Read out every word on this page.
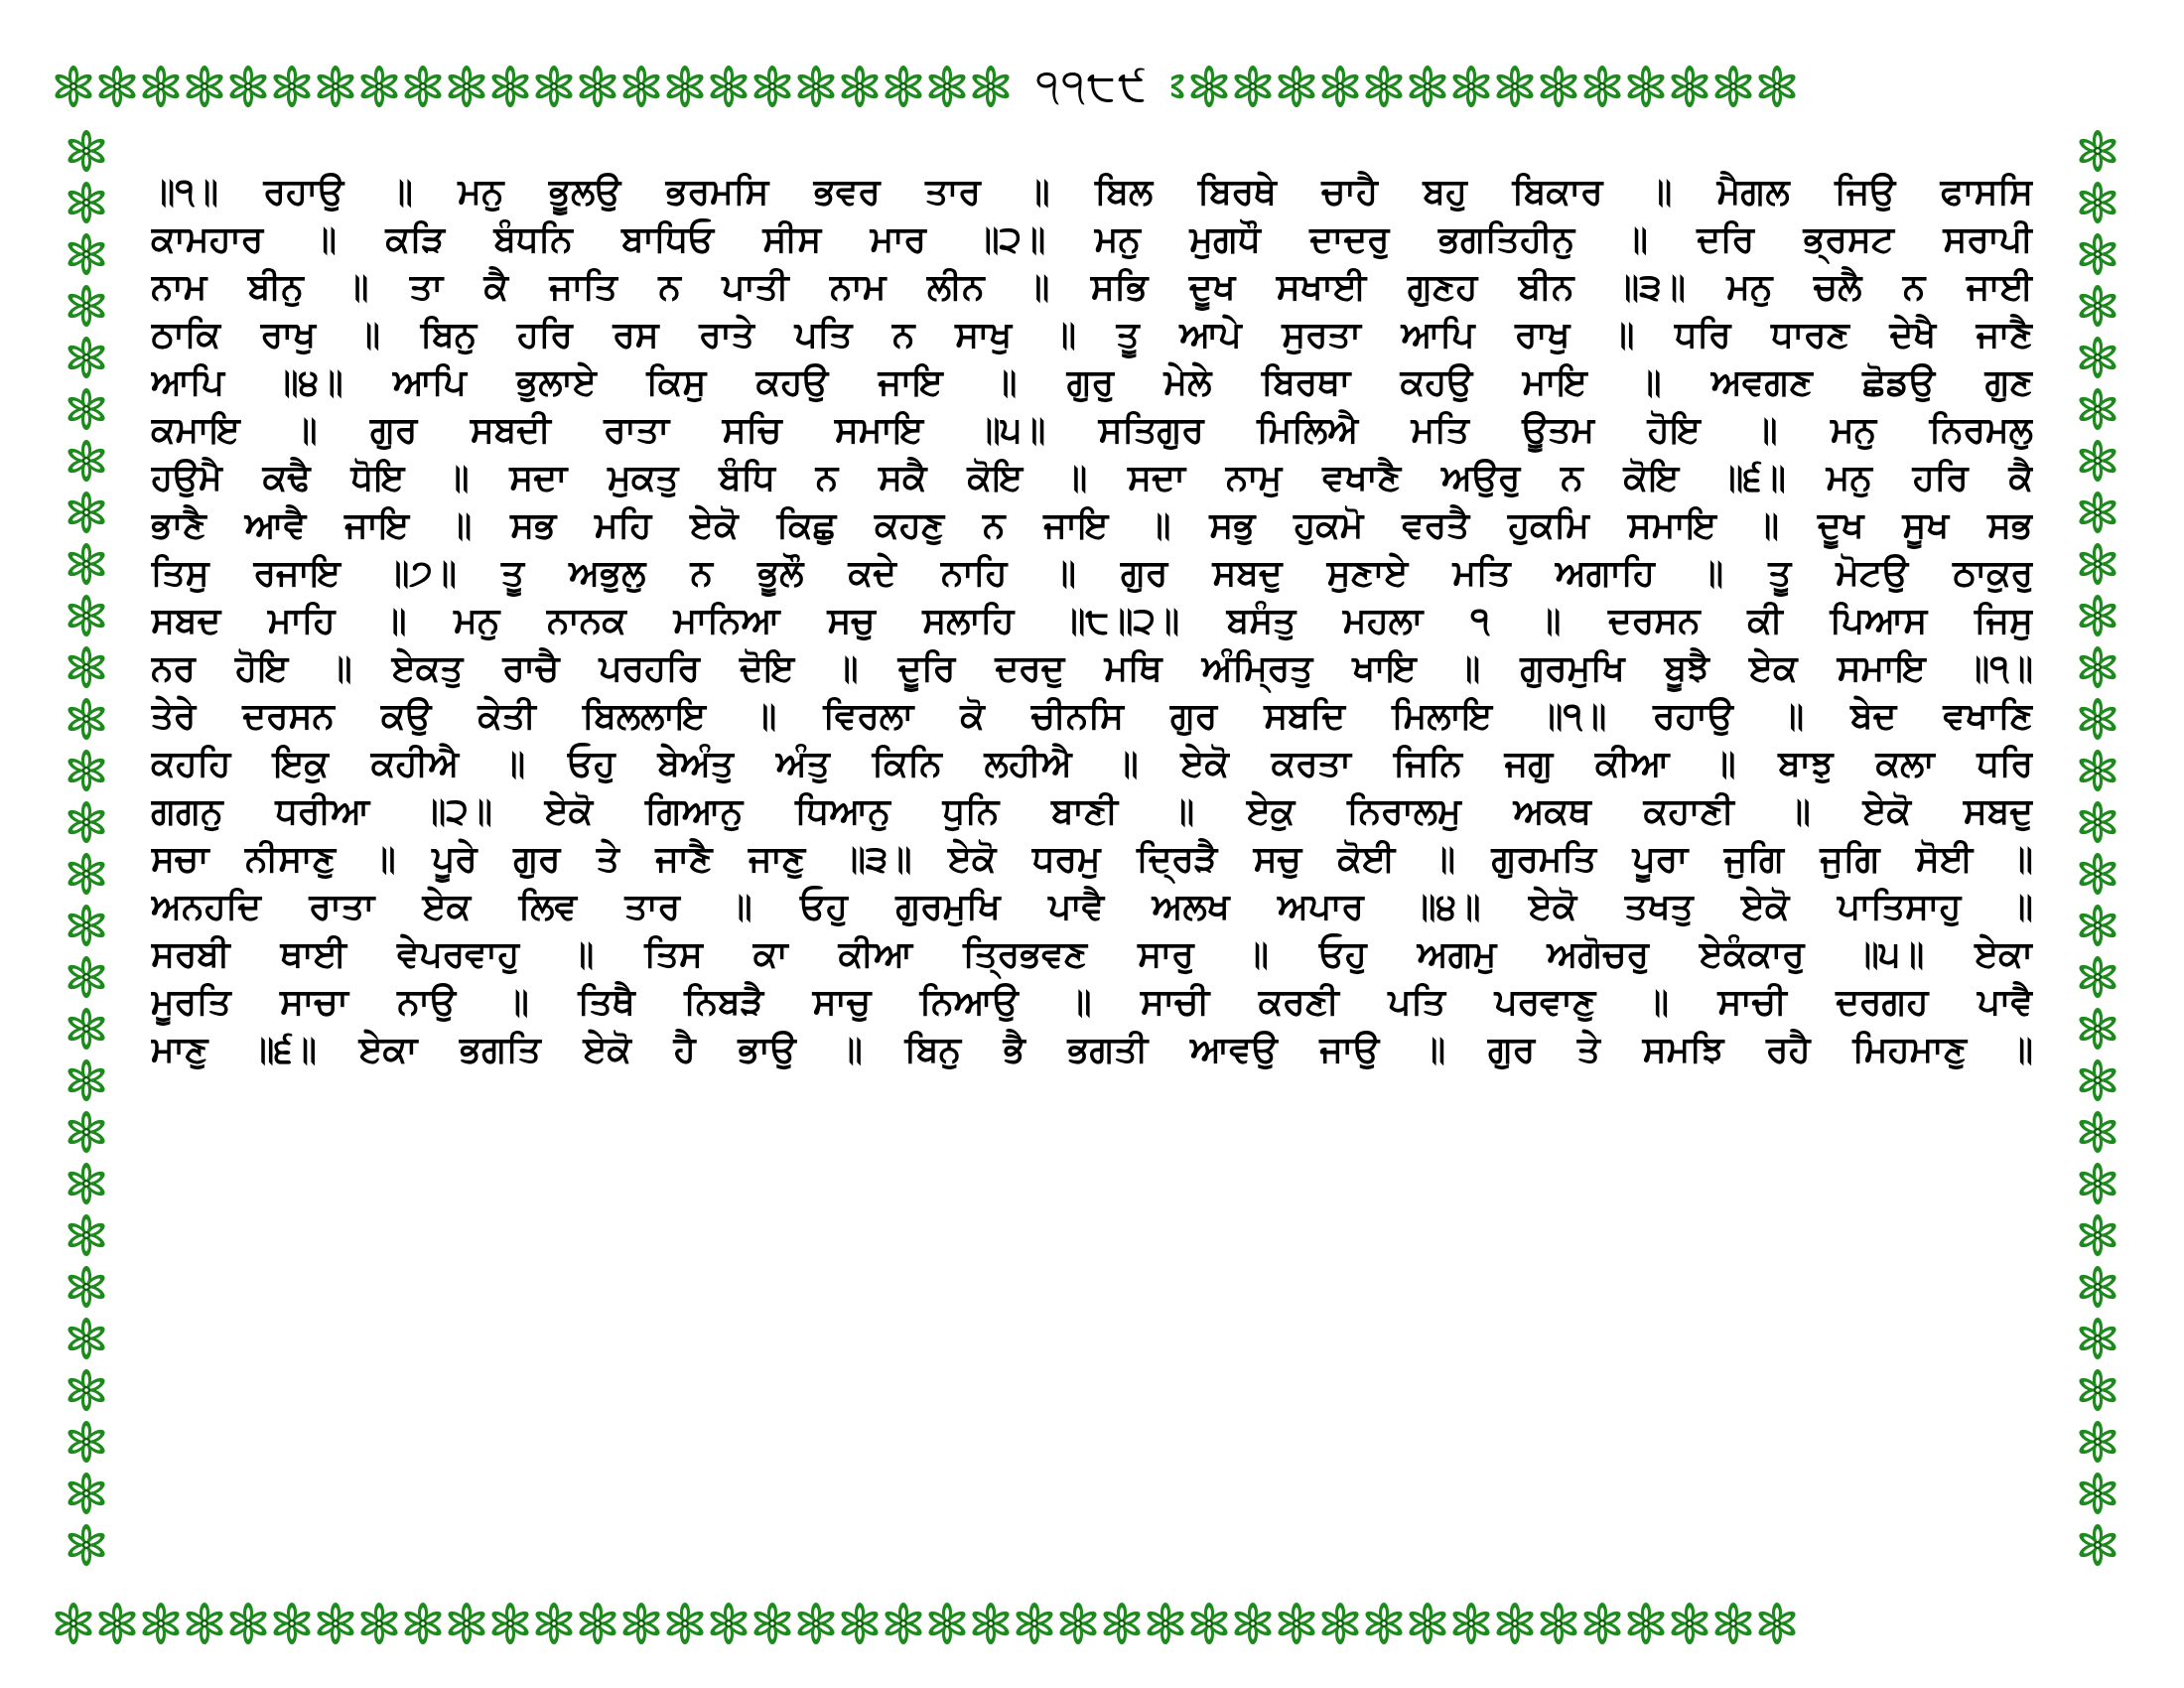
੧੧੮੯
॥੧॥ ਰਹਾਉ ॥ ਮਨੁ ਭੂਲਉ ਭਰਮਸਿ ਭਵਰ ਤਾਰ ॥ ਬਿਲ ਬਿਰਥੇ ਚਾਹੈ ਬਹੁ ਬਿਕਾਰ ॥ ਮੈਗਲ ਜਿਉ ਫਾਸਸਿ
ਕਾਮਹਾਰ ॥ ਕੜਿ ਬੰਧਨਿ ਬਾਧਿਓ ਸੀਸ ਮਾਰ ॥੨॥ ਮਨੁ ਮੁਗਧੌ ਦਾਦਰੁ ਭਗਤਿਹੀਨੁ ॥ ਦਰਿ ਭ੍ਰਸਟ ਸਰਾਪੀ
ਨਾਮ ਬੀਨੁ ॥ ਤਾ ਕੈ ਜਾਤਿ ਨ ਪਾਤੀ ਨਾਮ ਲੀਨ ॥ ਸਭਿ ਦੂਖ ਸਖਾਈ ਗੁਣਹ ਬੀਨ ॥੩॥ ਮਨੁ ਚਲੈ ਨ ਜਾਈ
ਠਾਕਿ ਰਾਖੁ ॥ ਬਿਨੁ ਹਰਿ ਰਸ ਰਾਤੇ ਪਤਿ ਨ ਸਾਖੁ ॥ ਤੂ ਆਪੇ ਸੁਰਤਾ ਆਪਿ ਰਾਖੁ ॥ ਧਰਿ ਧਾਰਣ ਦੇਖੈ ਜਾਣੈ
ਆਪਿ ॥੪॥ ਆਪਿ ਭੁਲਾਏ ਕਿਸੁ ਕਹਉ ਜਾਇ ॥ ਗੁਰੁ ਮੇਲੇ ਬਿਰਥਾ ਕਹਉ ਮਾਇ ॥ ਅਵਗਣ ਛੋਡਉ ਗੁਣ
ਕਮਾਇ ॥ ਗੁਰ ਸਬਦੀ ਰਾਤਾ ਸਚਿ ਸਮਾਇ ॥੫॥ ਸਤਿਗੁਰ ਮਿਲਿਐ ਮਤਿ ਊਤਮ ਹੋਇ ॥ ਮਨੁ ਨਿਰਮਲੁ
ਹਉਮੈ ਕਢੈ ਧੋਇ ॥ ਸਦਾ ਮੁਕਤੁ ਬੰਧਿ ਨ ਸਕੈ ਕੋਇ ॥ ਸਦਾ ਨਾਮੁ ਵਖਾਣੈ ਅਉਰੁ ਨ ਕੋਇ ॥੬॥ ਮਨੁ ਹਰਿ ਕੈ
ਭਾਣੈ ਆਵੈ ਜਾਇ ॥ ਸਭ ਮਹਿ ਏਕੋ ਕਿਛੁ ਕਹਣੁ ਨ ਜਾਇ ॥ ਸਭੁ ਹੁਕਮੋ ਵਰਤੈ ਹੁਕਮਿ ਸਮਾਇ ॥ ਦੂਖ ਸੂਖ ਸਭ
ਤਿਸੁ ਰਜਾਇ ॥੭॥ ਤੂ ਅਭੁਲੁ ਨ ਭੂਲੌ ਕਦੇ ਨਾਹਿ ॥ ਗੁਰ ਸਬਦੁ ਸੁਣਾਏ ਮਤਿ ਅਗਾਹਿ ॥ ਤੂ ਮੋਟਉ ਠਾਕੁਰੁ
ਸਬਦ ਮਾਹਿ ॥ ਮਨੁ ਨਾਨਕ ਮਾਨਿਆ ਸਚੁ ਸਲਾਹਿ ॥੮॥੨॥ ਬਸੰਤੁ ਮਹਲਾ ੧ ॥ ਦਰਸਨ ਕੀ ਪਿਆਸ ਜਿਸੁ
ਨਰ ਹੋਇ ॥ ਏਕਤੁ ਰਾਚੈ ਪਰਹਰਿ ਦੋਇ ॥ ਦੂਰਿ ਦਰਦੁ ਮਥਿ ਅੰਮ੍ਰਿਤੁ ਖਾਇ ॥ ਗੁਰਮੁਖਿ ਬੂਝੈ ਏਕ ਸਮਾਇ ॥੧॥
ਤੇਰੇ ਦਰਸਨ ਕਉ ਕੇਤੀ ਬਿਲਲਾਇ ॥ ਵਿਰਲਾ ਕੋ ਚੀਨਸਿ ਗੁਰ ਸਬਦਿ ਮਿਲਾਇ ॥੧॥ ਰਹਾਉ ॥ ਬੇਦ ਵਖਾਣਿ
ਕਹਹਿ ਇਕੁ ਕਹੀਐ ॥ ਓਹੁ ਬੇਅੰਤੁ ਅੰਤੁ ਕਿਨਿ ਲਹੀਐ ॥ ਏਕੋ ਕਰਤਾ ਜਿਨਿ ਜਗੁ ਕੀਆ ॥ ਬਾਝੁ ਕਲਾ ਧਰਿ
ਗਗਨੁ ਧਰੀਆ ॥੨॥ ਏਕੋ ਗਿਆਨੁ ਧਿਆਨੁ ਧੁਨਿ ਬਾਣੀ ॥ ਏਕੁ ਨਿਰਾਲਮੁ ਅਕਥ ਕਹਾਣੀ ॥ ਏਕੋ ਸਬਦੁ
ਸਚਾ ਨੀਸਾਣੁ ॥ ਪੂਰੇ ਗੁਰ ਤੇ ਜਾਣੈ ਜਾਣੁ ॥੩॥ ਏਕੋ ਧਰਮੁ ਦ੍ਰਿੜੈ ਸਚੁ ਕੋਈ ॥ ਗੁਰਮਤਿ ਪੂਰਾ ਜੁਗਿ ਜੁਗਿ ਸੋਈ ॥
ਅਨਹਦਿ ਰਾਤਾ ਏਕ ਲਿਵ ਤਾਰ ॥ ਓਹੁ ਗੁਰਮੁਖਿ ਪਾਵੈ ਅਲਖ ਅਪਾਰ ॥੪॥ ਏਕੋ ਤਖਤੁ ਏਕੋ ਪਾਤਿਸਾਹੁ ॥
ਸਰਬੀ ਥਾਈ ਵੇਪਰਵਾਹੁ ॥ ਤਿਸ ਕਾ ਕੀਆ ਤ੍ਰਿਭਵਣ ਸਾਰੁ ॥ ਓਹੁ ਅਗਮੁ ਅਗੋਚਰੁ ਏਕੰਕਾਰੁ ॥੫॥ ਏਕਾ
ਮੂਰਤਿ ਸਾਚਾ ਨਾਉ ॥ ਤਿਥੈ ਨਿਬੜੈ ਸਾਚੁ ਨਿਆਉ ॥ ਸਾਚੀ ਕਰਣੀ ਪਤਿ ਪਰਵਾਣੁ ॥ ਸਾਚੀ ਦਰਗਹ ਪਾਵੈ
ਮਾਣੁ ॥੬॥ ਏਕਾ ਭਗਤਿ ਏਕੋ ਹੈ ਭਾਉ ॥ ਬਿਨੁ ਭੈ ਭਗਤੀ ਆਵਉ ਜਾਉ ॥ ਗੁਰ ਤੇ ਸਮਝਿ ਰਹੈ ਮਿਹਮਾਣੁ ॥
